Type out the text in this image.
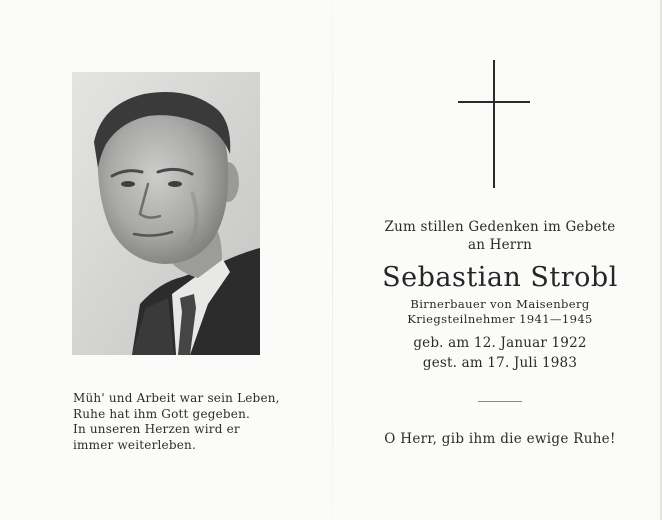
Müh' und Arbeit war sein Leben,
Ruhe hat ihm Gott gegeben.
In unseren Herzen wird er
immer weiterleben.
Zum stillen Gedenken im Gebete
an Herrn
Sebastian Strobl
Birnerbauer von Maisenberg
Kriegsteilnehmer 1941—1945
geb. am 12. Januar 1922
gest. am 17. Juli 1983
O Herr, gib ihm die ewige Ruhe!
